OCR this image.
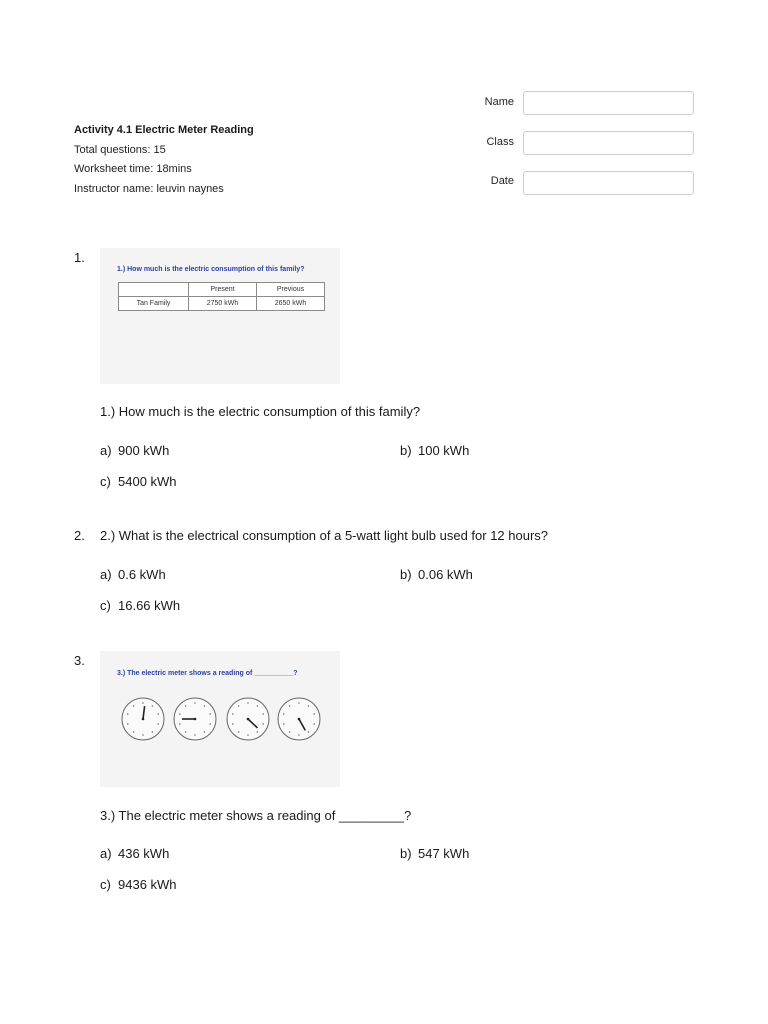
Activity 4.1 Electric Meter Reading
Total questions: 15
Worksheet time: 18mins
Instructor name: leuvin naynes
Name
Class
Date
1.
1.) How much is the electric consumption of this family?
	Present	Previous
Tan Family	2750 kWh	2650 kWh
1.) How much is the electric consumption of this family?
a) 900 kWh	b) 100 kWh
c) 5400 kWh
2. 2.) What is the electrical consumption of a 5-watt light bulb used for 12 hours?
a) 0.6 kWh	b) 0.06 kWh
c) 16.66 kWh
3.
3.) The electric meter shows a reading of __________?
3.) The electric meter shows a reading of _________?
a) 436 kWh	b) 547 kWh
c) 9436 kWh
